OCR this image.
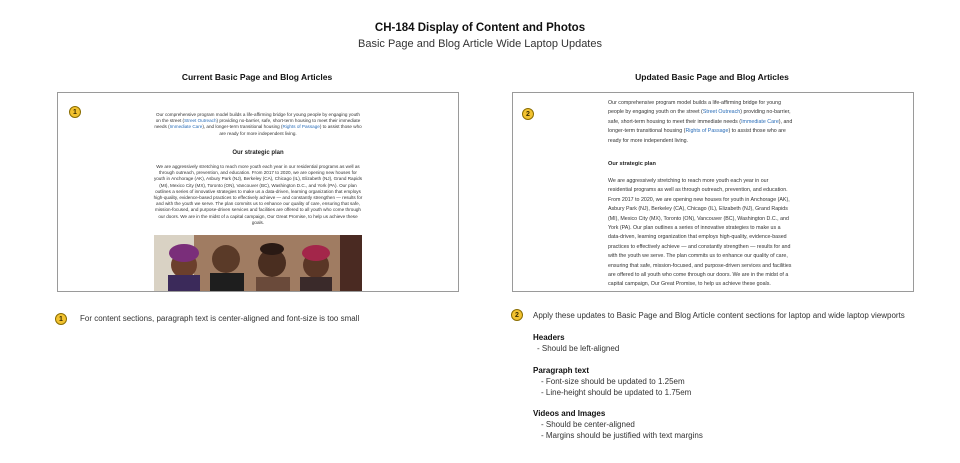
CH-184 Display of Content and Photos
Basic Page and Blog Article Wide Laptop Updates
Current Basic Page and Blog Articles
1	Our comprehensive program model builds a life-affirming bridge for young people by engaging youth on the street (Street Outreach) providing no-barrier, safe, short-term housing to meet their immediate needs (Immediate Care), and longer-term transitional housing (Rights of Passage) to assist those who are ready for more independent living.
Our strategic plan
We are aggressively stretching to reach more youth each year in our residential programs as well as through outreach, prevention, and education. From 2017 to 2020, we are opening new houses for youth in Anchorage (AK), Asbury Park (NJ), Berkeley (CA), Chicago (IL), Elizabeth (NJ), Grand Rapids (MI), Mexico City (MX), Toronto (ON), Vancouver (BC), Washington D.C., and York (PA). Our plan outlines a series of innovative strategies to make us a data-driven, learning organization that employs high-quality, evidence-based practices to effectively achieve — and constantly strengthen — results for and with the youth we serve. The plan commits us to enhance our quality of care, ensuring that safe, mission-focused, and purpose-driven services and facilities are offered to all youth who come through our doors. We are in the midst of a capital campaign, Our Great Promise, to help us achieve these goals.
Updated Basic Page and Blog Articles
2
Our comprehensive program model builds a life-affirming bridge for young people by engaging youth on the street (Street Outreach) providing no-barrier, safe, short-term housing to meet their immediate needs (Immediate Care), and longer-term transitional housing (Rights of Passage) to assist those who are ready for more independent living.
Our strategic plan
We are aggressively stretching to reach more youth each year in our residential programs as well as through outreach, prevention, and education. From 2017 to 2020, we are opening new houses for youth in Anchorage (AK), Asbury Park (NJ), Berkeley (CA), Chicago (IL), Elizabeth (NJ), Grand Rapids (MI), Mexico City (MX), Toronto (ON), Vancouver (BC), Washington D.C., and York (PA). Our plan outlines a series of innovative strategies to make us a data-driven, learning organization that employs high-quality, evidence-based practices to effectively achieve — and constantly strengthen — results for and with the youth we serve. The plan commits us to enhance our quality of care, ensuring that safe, mission-focused, and purpose-driven services and facilities are offered to all youth who come through our doors. We are in the midst of a capital campaign, Our Great Promise, to help us achieve these goals.
1	For content sections, paragraph text is center-aligned and font-size is too small	2	Apply these updates to Basic Page and Blog Article content sections for laptop and wide laptop viewports
Headers
- Should be left-aligned
Paragraph text
- Font-size should be updated to 1.25em
- Line-height should be updated to 1.75em
Videos and Images
- Should be center-aligned
- Margins should be justified with text margins
